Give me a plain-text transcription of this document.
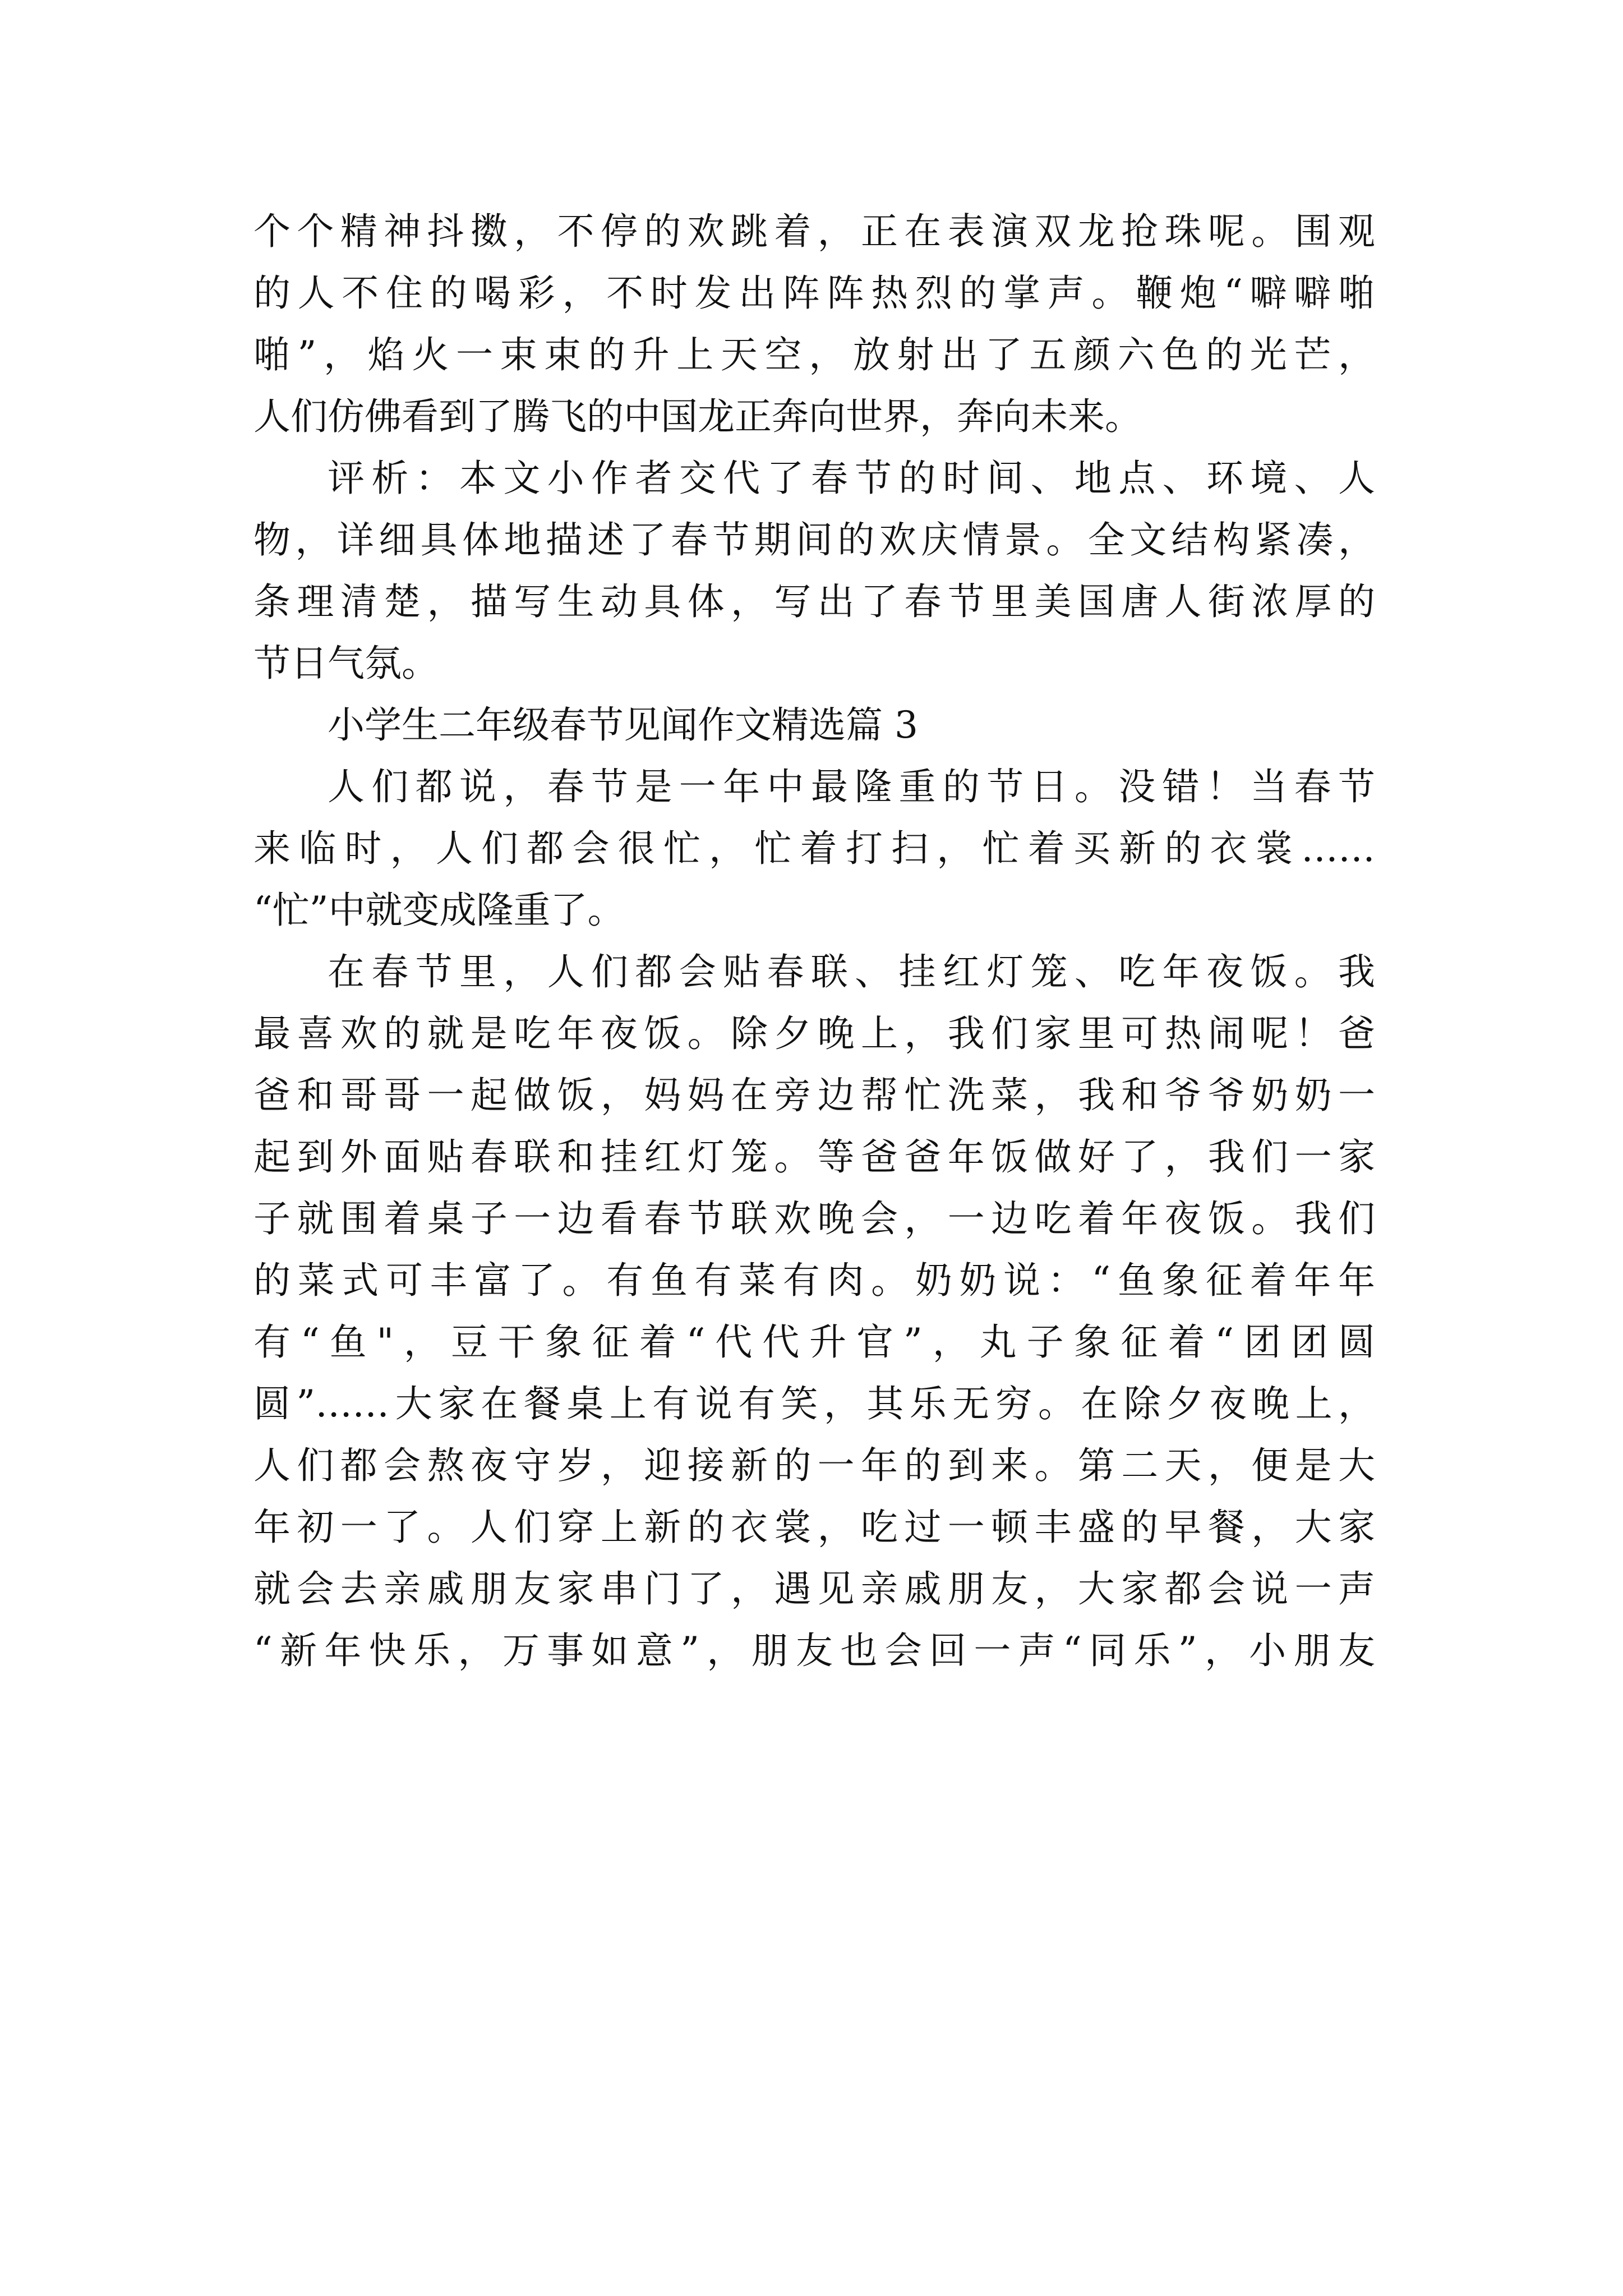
个个精神抖擞，不停的欢跳着，正在表演双龙抢珠呢。围观
的人不住的喝彩，不时发出阵阵热烈的掌声。鞭炮“噼噼啪
啪”，焰火一束束的升上天空，放射出了五颜六色的光芒，
人们仿佛看到了腾飞的中国龙正奔向世界，奔向未来。
评析：本文小作者交代了春节的时间、地点、环境、人
物，详细具体地描述了春节期间的欢庆情景。全文结构紧凑，
条理清楚，描写生动具体，写出了春节里美国唐人街浓厚的
节日气氛。
小学生二年级春节见闻作文精选篇 3
人们都说，春节是一年中最隆重的节日。没错！当春节
来临时，人们都会很忙，忙着打扫，忙着买新的衣裳……
“忙”中就变成隆重了。
在春节里，人们都会贴春联、挂红灯笼、吃年夜饭。我
最喜欢的就是吃年夜饭。除夕晚上，我们家里可热闹呢！爸
爸和哥哥一起做饭，妈妈在旁边帮忙洗菜，我和爷爷奶奶一
起到外面贴春联和挂红灯笼。等爸爸年饭做好了，我们一家
子就围着桌子一边看春节联欢晚会，一边吃着年夜饭。我们
的菜式可丰富了。有鱼有菜有肉。奶奶说：“鱼象征着年年
有“鱼"，豆干象征着“代代升官”，丸子象征着“团团圆
圆”……大家在餐桌上有说有笑，其乐无穷。在除夕夜晚上，
人们都会熬夜守岁，迎接新的一年的到来。第二天，便是大
年初一了。人们穿上新的衣裳，吃过一顿丰盛的早餐，大家
就会去亲戚朋友家串门了，遇见亲戚朋友，大家都会说一声
“新年快乐，万事如意”，朋友也会回一声“同乐”，小朋友
